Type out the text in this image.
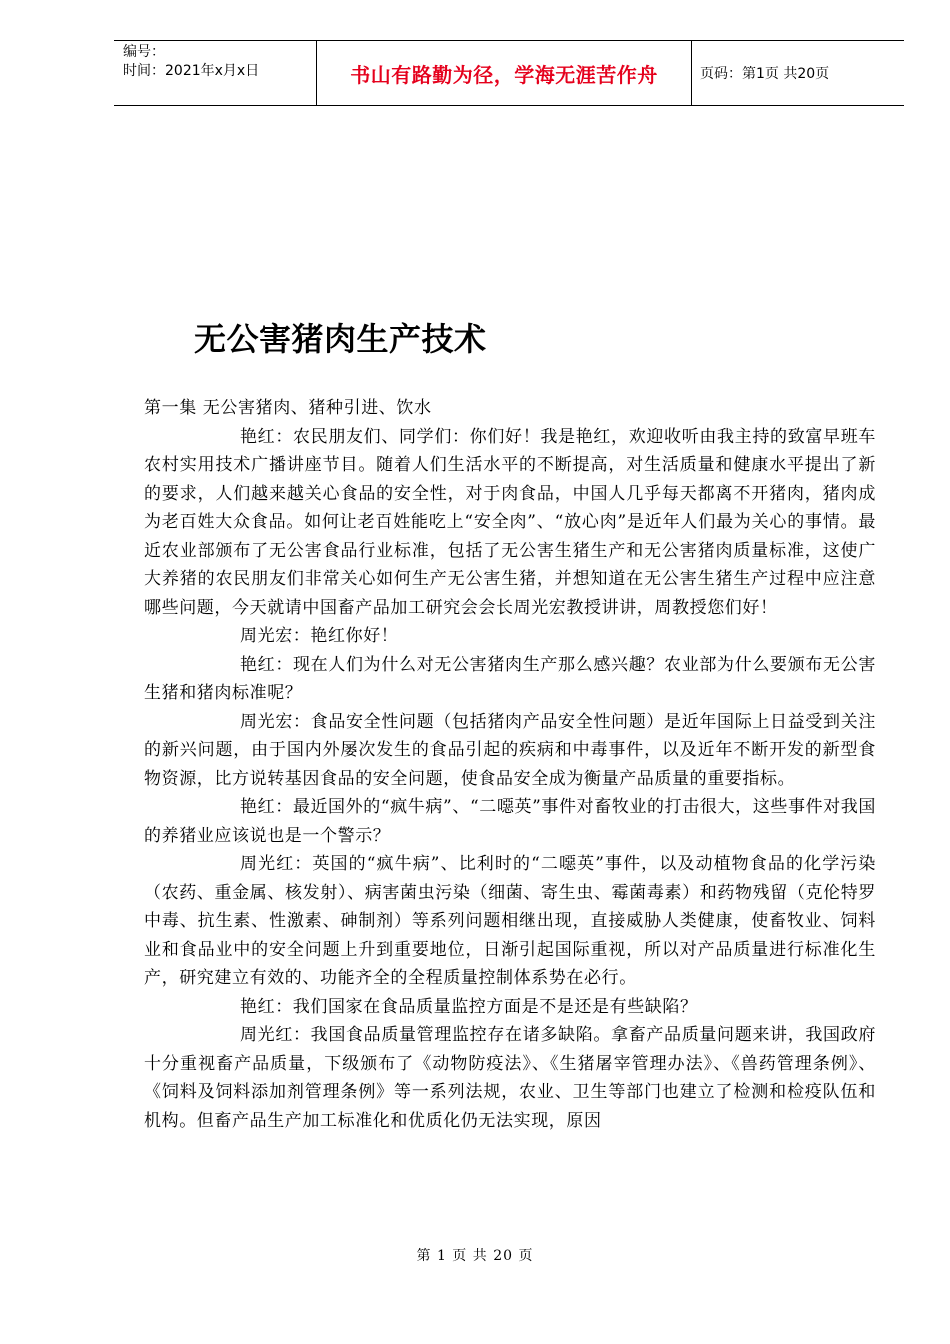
编号：
时间：2021年x月x日	书山有路勤为径，学海无涯苦作舟	页码：第1页 共20页
无公害猪肉生产技术

第一集 无公害猪肉、猪种引进、饮水

艳红：农民朋友们、同学们：你们好！我是艳红，欢迎收听由我主持的致富早班车农村实用技术广播讲座节目。随着人们生活水平的不断提高，对生活质量和健康水平提出了新的要求，人们越来越关心食品的安全性，对于肉食品，中国人几乎每天都离不开猪肉，猪肉成为老百姓大众食品。如何让老百姓能吃上“安全肉”、“放心肉”是近年人们最为关心的事情。最近农业部颁布了无公害食品行业标准，包括了无公害生猪生产和无公害猪肉质量标准，这使广大养猪的农民朋友们非常关心如何生产无公害生猪，并想知道在无公害生猪生产过程中应注意哪些问题，今天就请中国畜产品加工研究会会长周光宏教授讲讲，周教授您们好！

周光宏：艳红你好！

艳红：现在人们为什么对无公害猪肉生产那么感兴趣？农业部为什么要颁布无公害生猪和猪肉标准呢？

周光宏：食品安全性问题（包括猪肉产品安全性问题）是近年国际上日益受到关注的新兴问题，由于国内外屡次发生的食品引起的疾病和中毒事件，以及近年不断开发的新型食物资源，比方说转基因食品的安全问题，使食品安全成为衡量产品质量的重要指标。

艳红：最近国外的“疯牛病”、“二噁英”事件对畜牧业的打击很大，这些事件对我国的养猪业应该说也是一个警示？

周光红：英国的“疯牛病”、比利时的“二噁英”事件，以及动植物食品的化学污染（农药、重金属、核发射）、病害菌虫污染（细菌、寄生虫、霉菌毒素）和药物残留（克伦特罗中毒、抗生素、性激素、砷制剂）等系列问题相继出现，直接威胁人类健康，使畜牧业、饲料业和食品业中的安全问题上升到重要地位，日渐引起国际重视，所以对产品质量进行标准化生产，研究建立有效的、功能齐全的全程质量控制体系势在必行。

艳红：我们国家在食品质量监控方面是不是还是有些缺陷？

周光红：我国食品质量管理监控存在诸多缺陷。拿畜产品质量问题来讲，我国政府十分重视畜产品质量，下级颁布了《动物防疫法》、《生猪屠宰管理办法》、《兽药管理条例》、《饲料及饲料添加剂管理条例》等一系列法规，农业、卫生等部门也建立了检测和检疫队伍和机构。但畜产品生产加工标准化和优质化仍无法实现，原因

第 1 页 共 20 页
